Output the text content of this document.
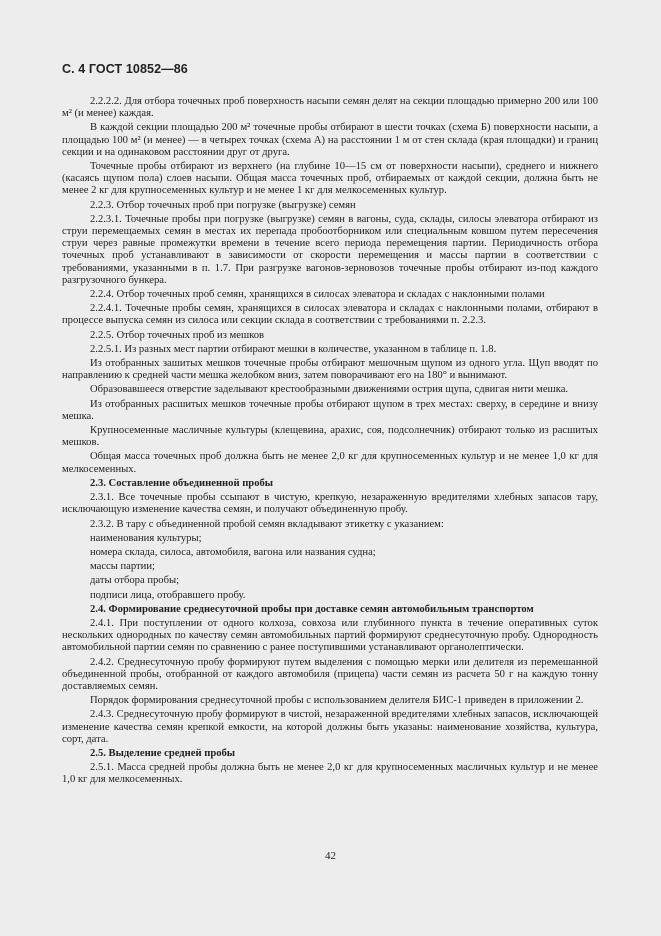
С. 4 ГОСТ 10852—86

2.2.2.2. Для отбора точечных проб поверхность насыпи семян делят на секции площадью примерно 200 или 100 м² (и менее) каждая.

В каждой секции площадью 200 м² точечные пробы отбирают в шести точках (схема Б) поверхности насыпи, а площадью 100 м² (и менее) — в четырех точках (схема А) на расстоянии 1 м от стен склада (края площадки) и границ секции и на одинаковом расстоянии друг от друга.

Точечные пробы отбирают из верхнего (на глубине 10—15 см от поверхности насыпи), среднего и нижнего (касаясь щупом пола) слоев насыпи. Общая масса точечных проб, отбираемых от каждой секции, должна быть не менее 2 кг для крупносеменных культур и не менее 1 кг для мелкосеменных культур.

2.2.3. Отбор точечных проб при погрузке (выгрузке) семян

2.2.3.1. Точечные пробы при погрузке (выгрузке) семян в вагоны, суда, склады, силосы элеватора отбирают из струи перемещаемых семян в местах их перепада пробоотборником или специальным ковшом путем пересечения струи через равные промежутки времени в течение всего периода перемещения партии. Периодичность отбора точечных проб устанавливают в зависимости от скорости перемещения и массы партии в соответствии с требованиями, указанными в п. 1.7. При разгрузке вагонов-зерновозов точечные пробы отбирают из-под каждого разгрузочного бункера.

2.2.4. Отбор точечных проб семян, хранящихся в силосах элеватора и складах с наклонными полами

2.2.4.1. Точечные пробы семян, хранящихся в силосах элеватора и складах с наклонными полами, отбирают в процессе выпуска семян из силоса или секции склада в соответствии с требованиями п. 2.2.3.

2.2.5. Отбор точечных проб из мешков

2.2.5.1. Из разных мест партии отбирают мешки в количестве, указанном в таблице п. 1.8.

Из отобранных зашитых мешков точечные пробы отбирают мешочным щупом из одного угла. Щуп вводят по направлению к средней части мешка желобком вниз, затем поворачивают его на 180° и вынимают.

Образовавшееся отверстие заделывают крестообразными движениями острия щупа, сдвигая нити мешка.

Из отобранных расшитых мешков точечные пробы отбирают щупом в трех местах: сверху, в середине и внизу мешка.

Крупносеменные масличные культуры (клещевина, арахис, соя, подсолнечник) отбирают только из расшитых мешков.

Общая масса точечных проб должна быть не менее 2,0 кг для крупносеменных культур и не менее 1,0 кг для мелкосеменных.

2.3. Составление объединенной пробы

2.3.1. Все точечные пробы ссыпают в чистую, крепкую, незараженную вредителями хлебных запасов тару, исключающую изменение качества семян, и получают объединенную пробу.

2.3.2. В тару с объединенной пробой семян вкладывают этикетку с указанием:

наименования культуры;

номера склада, силоса, автомобиля, вагона или названия судна;

массы партии;

даты отбора пробы;

подписи лица, отобравшего пробу.

2.4. Формирование среднесуточной пробы при доставке семян автомобильным транспортом

2.4.1. При поступлении от одного колхоза, совхоза или глубинного пункта в течение оперативных суток нескольких однородных по качеству семян автомобильных партий формируют среднесуточную пробу. Однородность автомобильной партии семян по сравнению с ранее поступившими устанавливают органолептически.

2.4.2. Среднесуточную пробу формируют путем выделения с помощью мерки или делителя из перемешанной объединенной пробы, отобранной от каждого автомобиля (прицепа) части семян из расчета 50 г на каждую тонну доставляемых семян.

Порядок формирования среднесуточной пробы с использованием делителя БИС-1 приведен в приложении 2.

2.4.3. Среднесуточную пробу формируют в чистой, незараженной вредителями хлебных запасов, исключающей изменение качества семян крепкой емкости, на которой должны быть указаны: наименование хозяйства, культура, сорт, дата.

2.5. Выделение средней пробы

2.5.1. Масса средней пробы должна быть не менее 2,0 кг для крупносеменных масличных культур и не менее 1,0 кг для мелкосеменных.

42
